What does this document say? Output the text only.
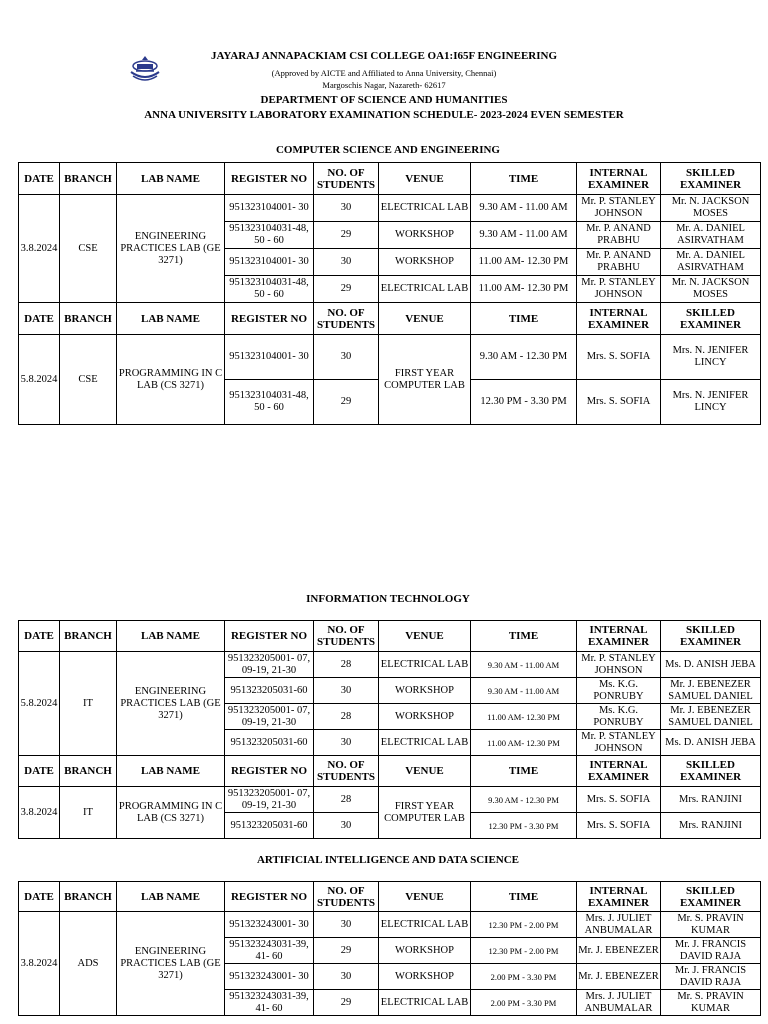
JAYARAJ ANNAPACKIAM CSI COLLEGE OA1:I65F ENGINEERING
(Approved by AICTE and Affiliated to Anna University, Chennai)
Margoschis Nagar, Nazareth- 62617
DEPARTMENT OF SCIENCE AND HUMANITIES
ANNA UNIVERSITY LABORATORY EXAMINATION SCHEDULE- 2023-2024 EVEN SEMESTER
COMPUTER SCIENCE AND ENGINEERING
DATE	BRANCH	LAB NAME	REGISTER NO	NO. OF STUDENTS	VENUE	TIME	INTERNAL EXAMINER	SKILLED EXAMINER
3.8.2024	CSE	ENGINEERING PRACTICES LAB (GE 3271)	951323104001- 30	30	ELECTRICAL LAB	9.30 AM - 11.00 AM	Mr. P. STANLEY JOHNSON	Mr. N. JACKSON MOSES
			951323104031-48, 50 - 60	29	WORKSHOP	9.30 AM - 11.00 AM	Mr. P. ANAND PRABHU	Mr. A. DANIEL ASIRVATHAM
			951323104001- 30	30	WORKSHOP	11.00 AM- 12.30 PM	Mr. P. ANAND PRABHU	Mr. A. DANIEL ASIRVATHAM
			951323104031-48, 50 - 60	29	ELECTRICAL LAB	11.00 AM- 12.30 PM	Mr. P. STANLEY JOHNSON	Mr. N. JACKSON MOSES
DATE	BRANCH	LAB NAME	REGISTER NO	NO. OF STUDENTS	VENUE	TIME	INTERNAL EXAMINER	SKILLED EXAMINER
5.8.2024	CSE	PROGRAMMING IN C LAB (CS 3271)	951323104001- 30	30	FIRST YEAR COMPUTER LAB	9.30 AM - 12.30 PM	Mrs. S. SOFIA	Mrs. N. JENIFER LINCY
			951323104031-48, 50 - 60	29		12.30 PM - 3.30 PM	Mrs. S. SOFIA	Mrs. N. JENIFER LINCY
INFORMATION TECHNOLOGY
DATE	BRANCH	LAB NAME	REGISTER NO	NO. OF STUDENTS	VENUE	TIME	INTERNAL EXAMINER	SKILLED EXAMINER
5.8.2024	IT	ENGINEERING PRACTICES LAB (GE 3271)	951323205001- 07, 09-19, 21-30	28	ELECTRICAL LAB	9.30 AM - 11.00 AM	Mr. P. STANLEY JOHNSON	Ms. D. ANISH JEBA
			951323205031-60	30	WORKSHOP	9.30 AM - 11.00 AM	Ms. K.G. PONRUBY	Mr. J. EBENEZER SAMUEL DANIEL
			951323205001- 07, 09-19, 21-30	28	WORKSHOP	11.00 AM- 12.30 PM	Ms. K.G. PONRUBY	Mr. J. EBENEZER SAMUEL DANIEL
			951323205031-60	30	ELECTRICAL LAB	11.00 AM- 12.30 PM	Mr. P. STANLEY JOHNSON	Ms. D. ANISH JEBA
DATE	BRANCH	LAB NAME	REGISTER NO	NO. OF STUDENTS	VENUE	TIME	INTERNAL EXAMINER	SKILLED EXAMINER
3.8.2024	IT	PROGRAMMING IN C LAB (CS 3271)	951323205001- 07, 09-19, 21-30	28	FIRST YEAR COMPUTER LAB	9.30 AM - 12.30 PM	Mrs. S. SOFIA	Mrs. RANJINI
			951323205031-60	30		12.30 PM - 3.30 PM	Mrs. S. SOFIA	Mrs. RANJINI
ARTIFICIAL INTELLIGENCE AND DATA SCIENCE
DATE	BRANCH	LAB NAME	REGISTER NO	NO. OF STUDENTS	VENUE	TIME	INTERNAL EXAMINER	SKILLED EXAMINER
3.8.2024	ADS	ENGINEERING PRACTICES LAB (GE 3271)	951323243001- 30	30	ELECTRICAL LAB	12.30 PM - 2.00 PM	Mrs. J. JULIET ANBUMALAR	Mr. S. PRAVIN KUMAR
			951323243031-39, 41- 60	29	WORKSHOP	12.30 PM - 2.00 PM	Mr. J. EBENEZER	Mr. J. FRANCIS DAVID RAJA
			951323243001- 30	30	WORKSHOP	2.00 PM - 3.30 PM	Mr. J. EBENEZER	Mr. J. FRANCIS DAVID RAJA
			951323243031-39, 41- 60	29	ELECTRICAL LAB	2.00 PM - 3.30 PM	Mrs. J. JULIET ANBUMALAR	Mr. S. PRAVIN KUMAR
